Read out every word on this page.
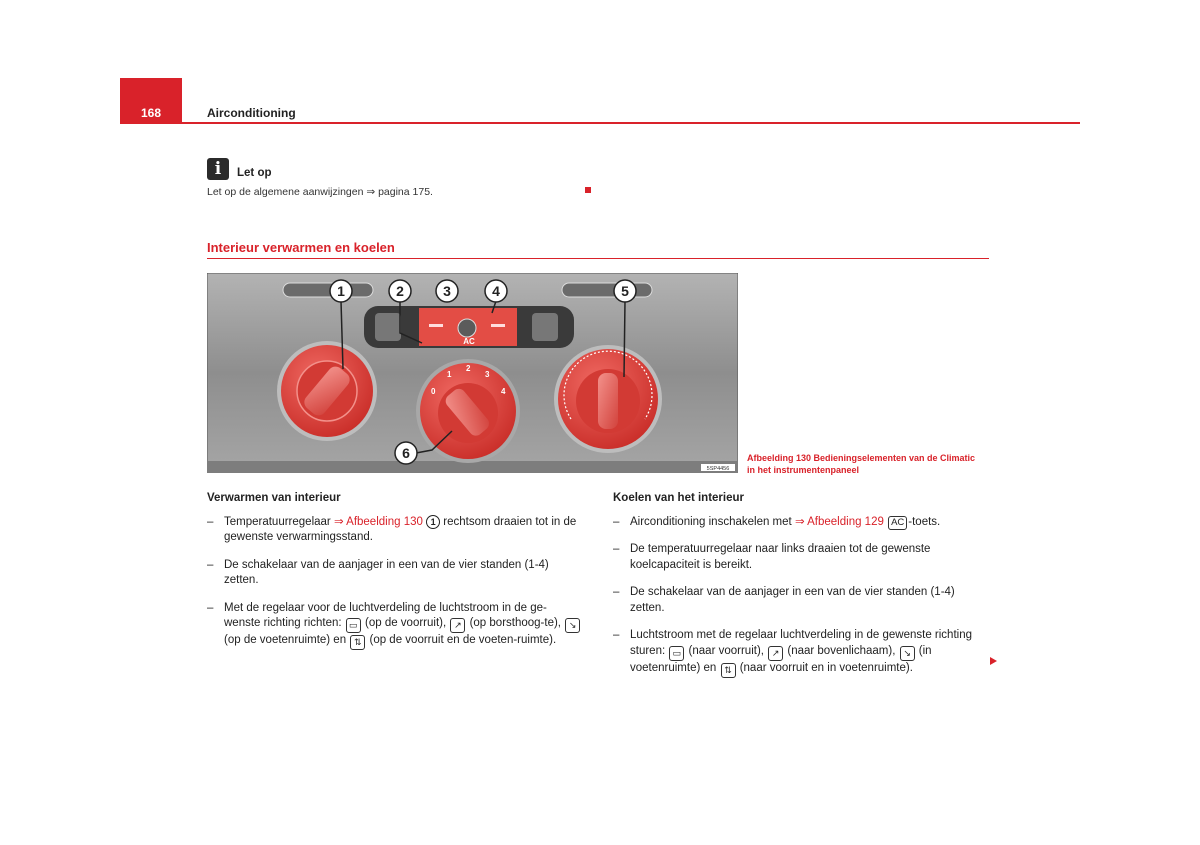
168	Airconditioning
i	Let op
Let op de algemene aanwijzingen ⇒ pagina 175.
Interieur verwarmen en koelen
AC
0
1
2
3
4
1	2	3	4	5
6
5SP4456
Afbeelding 130 Bedieningselementen van de Climatic
in het instrumentenpaneel
Verwarmen van interieur
– Temperatuurregelaar ⇒ Afbeelding 130 1 rechtsom draaien tot in de gewenste verwarmingsstand.
– De schakelaar van de aanjager in een van de vier standen (1-4) zetten.
– Met de regelaar voor de luchtverdeling de luchtstroom in de ge-wenste richting richten: ▭ (op de voorruit), ↗ (op borsthoog-te), ↘ (op de voetenruimte) en ⇅ (op de voorruit en de voeten-ruimte).
Koelen van het interieur
– Airconditioning inschakelen met ⇒ Afbeelding 129 AC -toets.
– De temperatuurregelaar naar links draaien tot de gewenste koelcapaciteit is bereikt.
– De schakelaar van de aanjager in een van de vier standen (1-4) zetten.
– Luchtstroom met de regelaar luchtverdeling in de gewenste richting sturen: ▭ (naar voorruit), ↗ (naar bovenlichaam), ↘ (in voetenruimte) en ⇅ (naar voorruit en in voetenruimte).
